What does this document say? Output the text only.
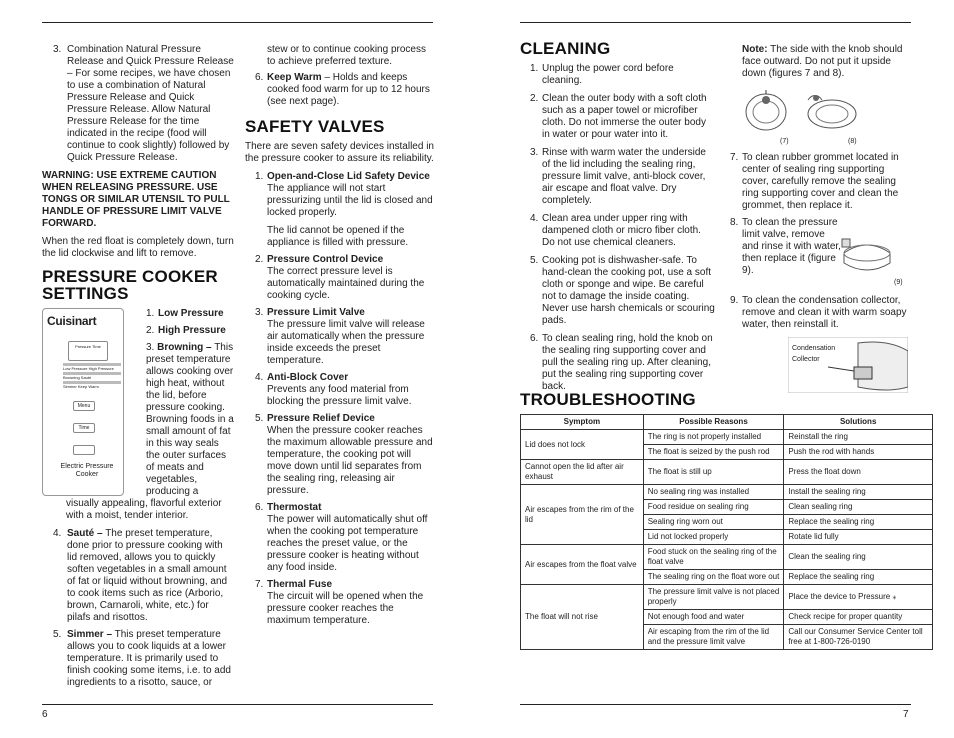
6	7
3. Combination Natural Pressure Release and Quick Pressure Release – For some recipes, we have chosen to use a combination of Natural Pressure Release and Quick Pressure Release. Allow Natural Pressure Release for the time indicated in the recipe (food will continue to cook slightly) followed by Quick Pressure Release.

WARNING: USE EXTREME CAUTION WHEN RELEASING PRESSURE. USE TONGS OR SIMILAR UTENSIL TO PULL HANDLE OF PRESSURE LIMIT VALVE FORWARD.

When the red float is completely down, turn the lid clockwise and lift to remove.

PRESSURE COOKER SETTINGS
Cuisinart
Pressure Time
Low Pressure High Pressure
Browning Sauté
Simmer Keep Warm
Menu
Time
Electric Pressure Cooker
1. Low Pressure
2. High Pressure
3. Browning – This preset temperature allows cooking over high heat, without the lid, before pressure cooking. Browning foods in a small amount of fat in this way seals the outer surfaces of meats and vegetables, producing a

visually appealing, flavorful exterior with a moist, tender interior.

4. Sauté – The preset temperature, done prior to pressure cooking with lid removed, allows you to quickly soften vegetables in a small amount of fat or liquid without browning, and to cook items such as rice (Arborio, brown, Carnaroli, white, etc.) for pilafs and risottos.
5. Simmer – This preset temperature allows you to cook liquids at a lower temperature. It is primarily used to finish cooking some items, i.e. to add ingredients to a risotto, sauce, or

stew or to continue cooking process to achieve preferred texture.

6. Keep Warm – Holds and keeps cooked food warm for up to 12 hours (see next page).
SAFETY VALVES

There are seven safety devices installed in the pressure cooker to assure its reliability.

1. Open-and-Close Lid Safety Device
The appliance will not start pressurizing until the lid is closed and locked properly.
The lid cannot be opened if the appliance is filled with pressure.
2. Pressure Control Device
The correct pressure level is automatically maintained during the cooking cycle.
3. Pressure Limit Valve
The pressure limit valve will release air automatically when the pressure inside exceeds the preset temperature.
4. Anti-Block Cover
Prevents any food material from blocking the pressure limit valve.
5. Pressure Relief Device
When the pressure cooker reaches the maximum allowable pressure and temperature, the cooking pot will move down until lid separates from the sealing ring, releasing air pressure.
6. Thermostat
The power will automatically shut off when the cooking pot temperature reaches the preset value, or the pressure cooker is heating without any food inside.
7. Thermal Fuse
The circuit will be opened when the pressure cooker reaches the maximum temperature.
CLEANING
1. Unplug the power cord before cleaning.
2. Clean the outer body with a soft cloth such as a paper towel or microfiber cloth. Do not immerse the outer body in water or pour water into it.
3. Rinse with warm water the underside of the lid including the sealing ring, pressure limit valve, anti-block cover, air escape and float valve. Dry completely.
4. Clean area under upper ring with dampened cloth or micro fiber cloth. Do not use chemical cleaners.
5. Cooking pot is dishwasher-safe. To hand-clean the cooking pot, use a soft cloth or sponge and wipe. Be careful not to damage the inside coating. Never use harsh chemicals or scouring pads.
6. To clean sealing ring, hold the knob on the sealing ring supporting cover and pull the sealing ring up. After cleaning, put the sealing ring supporting cover back.

Note: The side with the knob should face outward. Do not put it upside down (figures 7 and 8).

(7)	(8)
7. To clean rubber grommet located in center of sealing ring supporting cover, carefully remove the sealing ring supporting cover and clean the grommet, then replace it.
8. To clean the pressure limit valve, remove and rinse it with water, then replace it (figure 9).
(9)
9. To clean the condensation collector, remove and clean it with warm soapy water, then reinstall it.
Condensation Collector
TROUBLESHOOTING
Symptom	Possible Reasons	Solutions
Lid does not lock	The ring is not properly installed	Reinstall the ring
	The float is seized by the push rod	Push the rod with hands
Cannot open the lid after air exhaust	The float is still up	Press the float down
Air escapes from the rim of the lid	No sealing ring was installed	Install the sealing ring
	Food residue on sealing ring	Clean sealing ring
	Sealing ring worn out	Replace the sealing ring
	Lid not locked properly	Rotate lid fully
Air escapes from the float valve	Food stuck on the sealing ring of the float valve	Clean the sealing ring
	The sealing ring on the float wore out	Replace the sealing ring
The float will not rise	The pressure limit valve is not placed properly	Place the device to Pressure ⁎
	Not enough food and water	Check recipe for proper quantity
	Air escaping from the rim of the lid and the pressure limit valve	Call our Consumer Service Center toll free at 1-800-726-0190
